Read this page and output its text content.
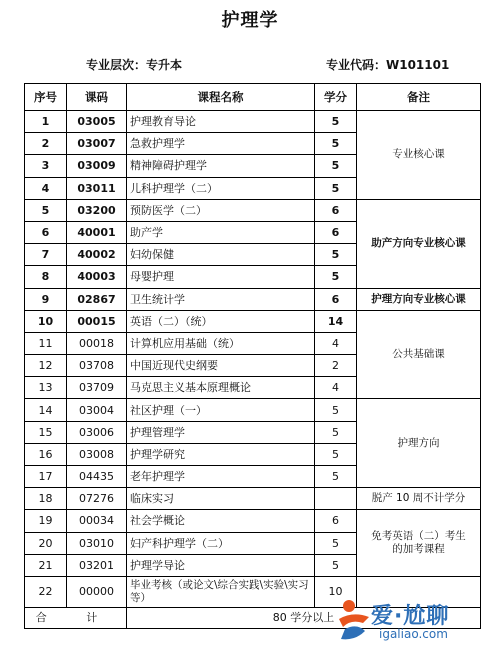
护理学
专业层次：专升本	专业代码：W101101
序号	课码	课程名称	学分	备注
1	03005	护理教育导论	5	专业核心课
2	03007	急救护理学	5	
3	03009	精神障碍护理学	5	
4	03011	儿科护理学（二）	5	
5	03200	预防医学（二）	6	助产方向专业核心课
6	40001	助产学	6	
7	40002	妇幼保健	5	
8	40003	母婴护理	5	
9	02867	卫生统计学	6	护理方向专业核心课
10	00015	英语（二）（统）	14	公共基础课
11	00018	计算机应用基础（统）	4	
12	03708	中国近现代史纲要	2	
13	03709	马克思主义基本原理概论	4	
14	03004	社区护理（一）	5	护理方向
15	03006	护理管理学	5	
16	03008	护理学研究	5	
17	04435	老年护理学	5	
18	07276	临床实习		脱产 10 周不计学分
19	00034	社会学概论	6	免考英语（二）考生的加考课程
20	03010	妇产科护理学（二）	5	
21	03201	护理学导论	5	
22	00000	毕业考核（或论文\综合实践\实验\实习等）	10	
合 计		80 学分以上		爱·尬聊
igaliao.com
